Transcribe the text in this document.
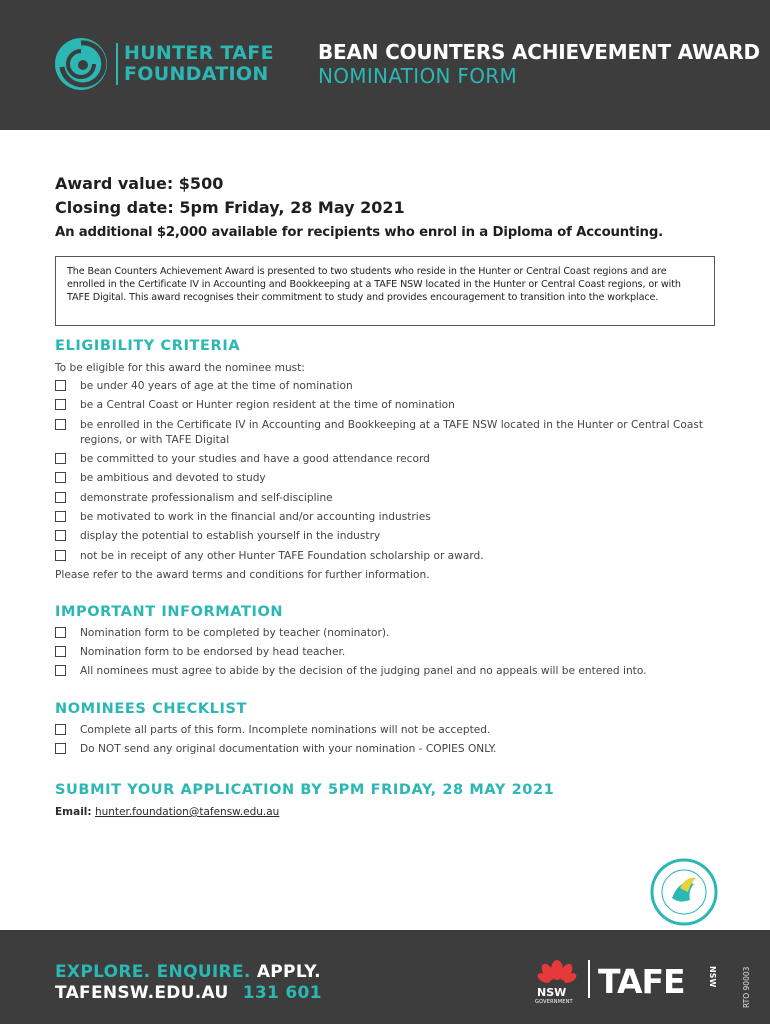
HUNTER TAFE
FOUNDATION
BEAN COUNTERS ACHIEVEMENT AWARD
NOMINATION FORM
Award value: $500
Closing date: 5pm Friday, 28 May 2021
An additional $2,000 available for recipients who enrol in a Diploma of Accounting.
The Bean Counters Achievement Award is presented to two students who reside in the Hunter or Central Coast regions and are enrolled in the Certificate IV in Accounting and Bookkeeping at a TAFE NSW located in the Hunter or Central Coast regions, or with TAFE Digital. This award recognises their commitment to study and provides encouragement to transition into the workplace.
ELIGIBILITY CRITERIA
To be eligible for this award the nominee must:
be under 40 years of age at the time of nomination
be a Central Coast or Hunter region resident at the time of nomination
be enrolled in the Certificate IV in Accounting and Bookkeeping at a TAFE NSW located in the Hunter or Central Coast regions, or with TAFE Digital
be committed to your studies and have a good attendance record
be ambitious and devoted to study
demonstrate professionalism and self-discipline
be motivated to work in the financial and/or accounting industries
display the potential to establish yourself in the industry
not be in receipt of any other Hunter TAFE Foundation scholarship or award.
Please refer to the award terms and conditions for further information.
IMPORTANT INFORMATION
Nomination form to be completed by teacher (nominator).
Nomination form to be endorsed by head teacher.
All nominees must agree to abide by the decision of the judging panel and no appeals will be entered into.
NOMINEES CHECKLIST
Complete all parts of this form. Incomplete nominations will not be accepted.
Do NOT send any original documentation with your nomination - COPIES ONLY.
SUBMIT YOUR APPLICATION BY 5PM FRIDAY, 28 MAY 2021
Email: hunter.foundation@tafensw.edu.au
EXPLORE. ENQUIRE. APPLY.
TAFENSW.EDU.AU 131 601	NSW
GOVERNMENT
TAFE	NSW	RTO 90003
